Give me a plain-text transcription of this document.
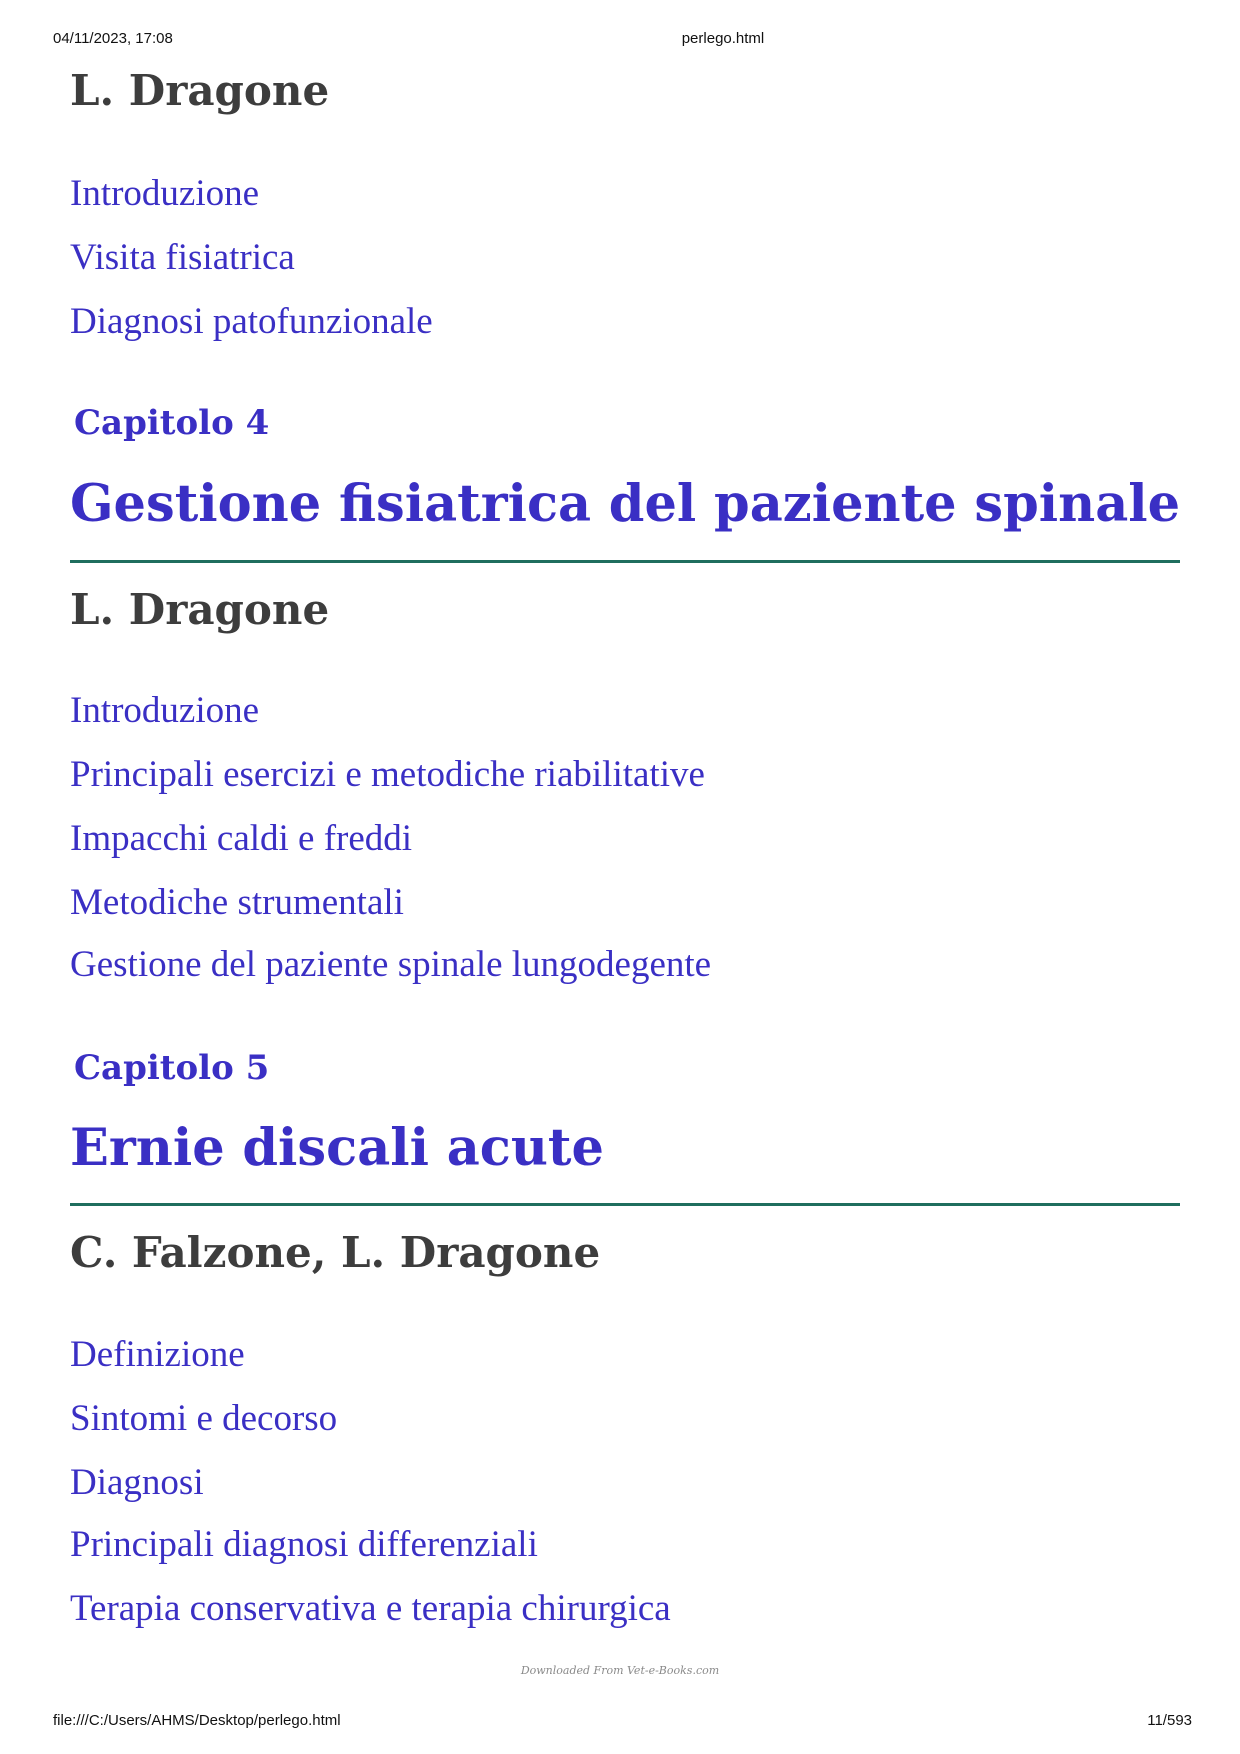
04/11/2023, 17:08	perlego.html
L. Dragone
Introduzione
Visita fisiatrica
Diagnosi patofunzionale
Capitolo 4
Gestione fisiatrica del paziente spinale
L. Dragone
Introduzione
Principali esercizi e metodiche riabilitative
Impacchi caldi e freddi
Metodiche strumentali
Gestione del paziente spinale lungodegente
Capitolo 5
Ernie discali acute
C. Falzone, L. Dragone
Definizione
Sintomi e decorso
Diagnosi
Principali diagnosi differenziali
Terapia conservativa e terapia chirurgica
Downloaded From Vet-e-Books.com
file:///C:/Users/AHMS/Desktop/perlego.html	11/593
